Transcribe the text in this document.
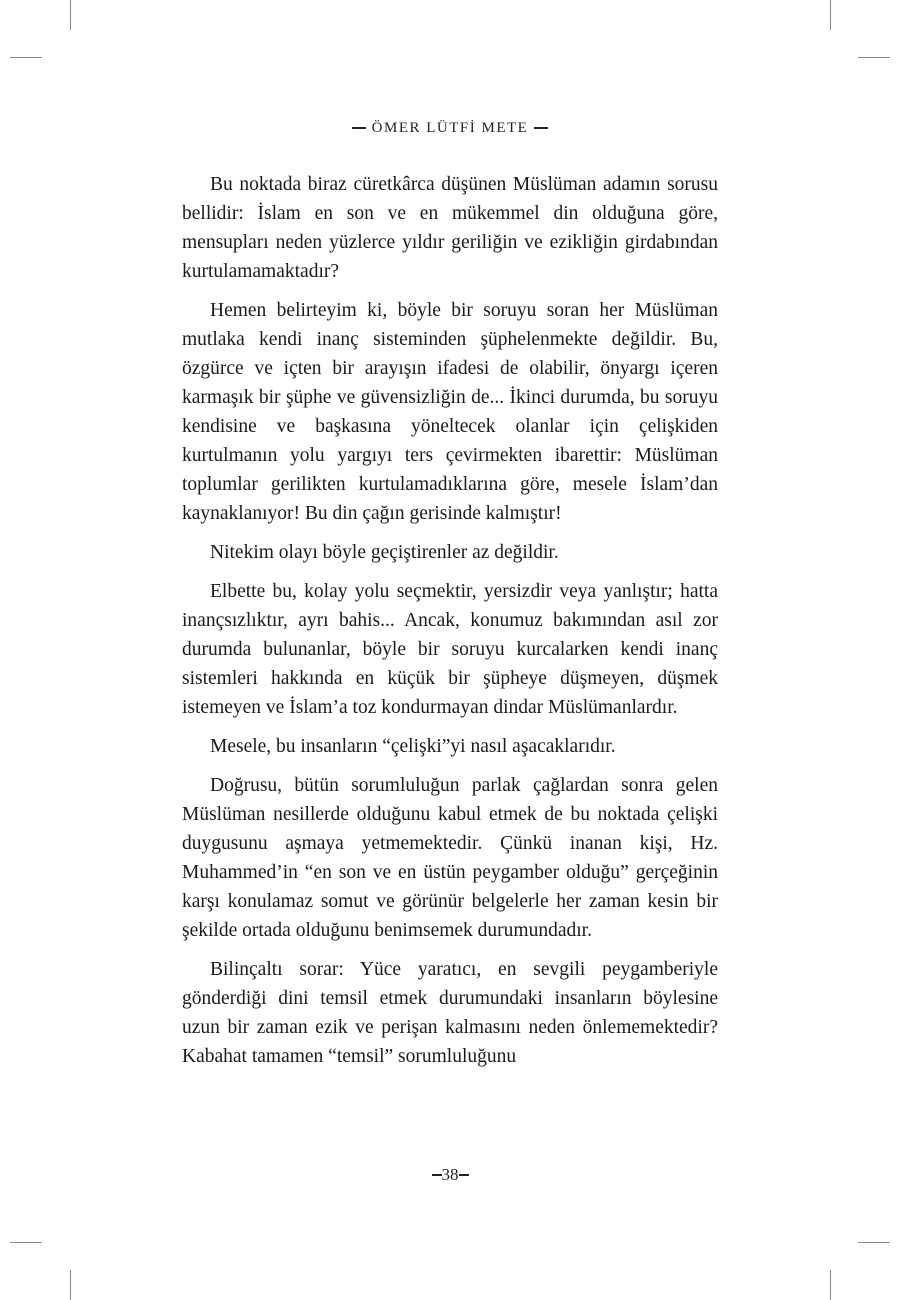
ÖMER LÜTFİ METE

Bu noktada biraz cüretkârca düşünen Müslüman adamın sorusu bellidir: İslam en son ve en mükemmel din olduğuna göre, mensupları neden yüzlerce yıldır geriliğin ve ezikliğin girdabından kurtulamamaktadır?

Hemen belirteyim ki, böyle bir soruyu soran her Müslüman mutlaka kendi inanç sisteminden şüphelenmekte değildir. Bu, özgürce ve içten bir arayışın ifadesi de olabilir, önyargı içeren karmaşık bir şüphe ve güvensizliğin de... İkinci durumda, bu soruyu kendisine ve başkasına yöneltecek olanlar için çelişkiden kurtulmanın yolu yargıyı ters çevirmekten ibarettir: Müslüman toplumlar gerilikten kurtulamadıklarına göre, mesele İslam’dan kaynaklanıyor! Bu din çağın gerisinde kalmıştır!

Nitekim olayı böyle geçiştirenler az değildir.

Elbette bu, kolay yolu seçmektir, yersizdir veya yanlıştır; hatta inançsızlıktır, ayrı bahis... Ancak, konumuz bakımından asıl zor durumda bulunanlar, böyle bir soruyu kurcalarken kendi inanç sistemleri hakkında en küçük bir şüpheye düşmeyen, düşmek istemeyen ve İslam’a toz kondurmayan dindar Müslümanlardır.

Mesele, bu insanların “çelişki”yi nasıl aşacaklarıdır.

Doğrusu, bütün sorumluluğun parlak çağlardan sonra gelen Müslüman nesillerde olduğunu kabul etmek de bu noktada çelişki duygusunu aşmaya yetmemektedir. Çünkü inanan kişi, Hz. Muhammed’in “en son ve en üstün peygamber olduğu” gerçeğinin karşı konulamaz somut ve görünür belgelerle her zaman kesin bir şekilde ortada olduğunu benimsemek durumundadır.

Bilinçaltı sorar: Yüce yaratıcı, en sevgili peygamberiyle gönderdiği dini temsil etmek durumundaki insanların böylesine uzun bir zaman ezik ve perişan kalmasını neden önlememektedir? Kabahat tamamen “temsil” sorumluluğunu

38
